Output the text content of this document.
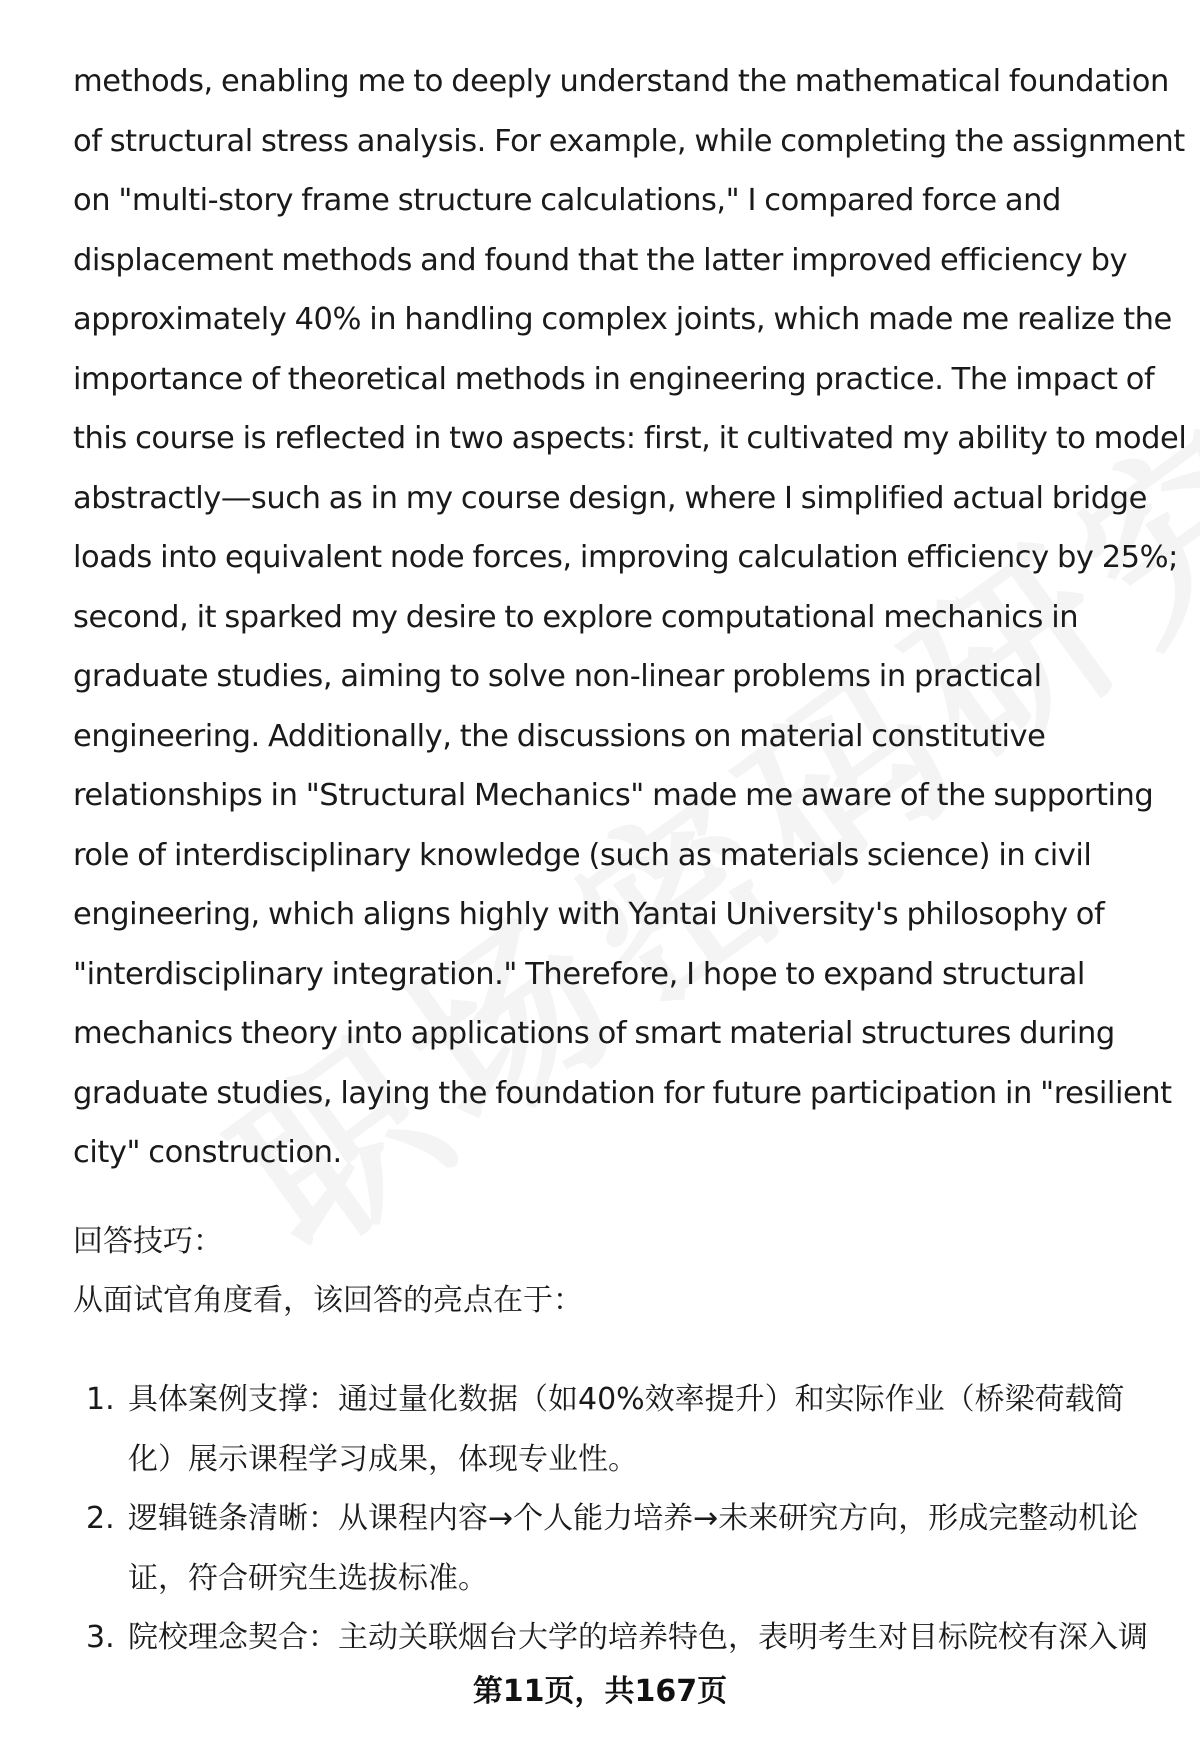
methods, enabling me to deeply understand the mathematical foundation
of structural stress analysis. For example, while completing the assignment
on "multi-story frame structure calculations," I compared force and
displacement methods and found that the latter improved efficiency by
approximately 40% in handling complex joints, which made me realize the
importance of theoretical methods in engineering practice. The impact of
this course is reflected in two aspects: first, it cultivated my ability to model
abstractly—such as in my course design, where I simplified actual bridge
loads into equivalent node forces, improving calculation efficiency by 25%;
second, it sparked my desire to explore computational mechanics in
graduate studies, aiming to solve non-linear problems in practical
engineering. Additionally, the discussions on material constitutive
relationships in "Structural Mechanics" made me aware of the supporting
role of interdisciplinary knowledge (such as materials science) in civil
engineering, which aligns highly with Yantai University's philosophy of
"interdisciplinary integration." Therefore, I hope to expand structural
mechanics theory into applications of smart material structures during
graduate studies, laying the foundation for future participation in "resilient
city" construction.

回答技巧：

从面试官角度看，该回答的亮点在于：

1. 具体案例支撑：通过量化数据（如40%效率提升）和实际作业（桥梁荷载简
化）展示课程学习成果，体现专业性。
2. 逻辑链条清晰：从课程内容→个人能力培养→未来研究方向，形成完整动机论
证，符合研究生选拔标准。
3. 院校理念契合：主动关联烟台大学的培养特色，表明考生对目标院校有深入调
第11页，共167页
